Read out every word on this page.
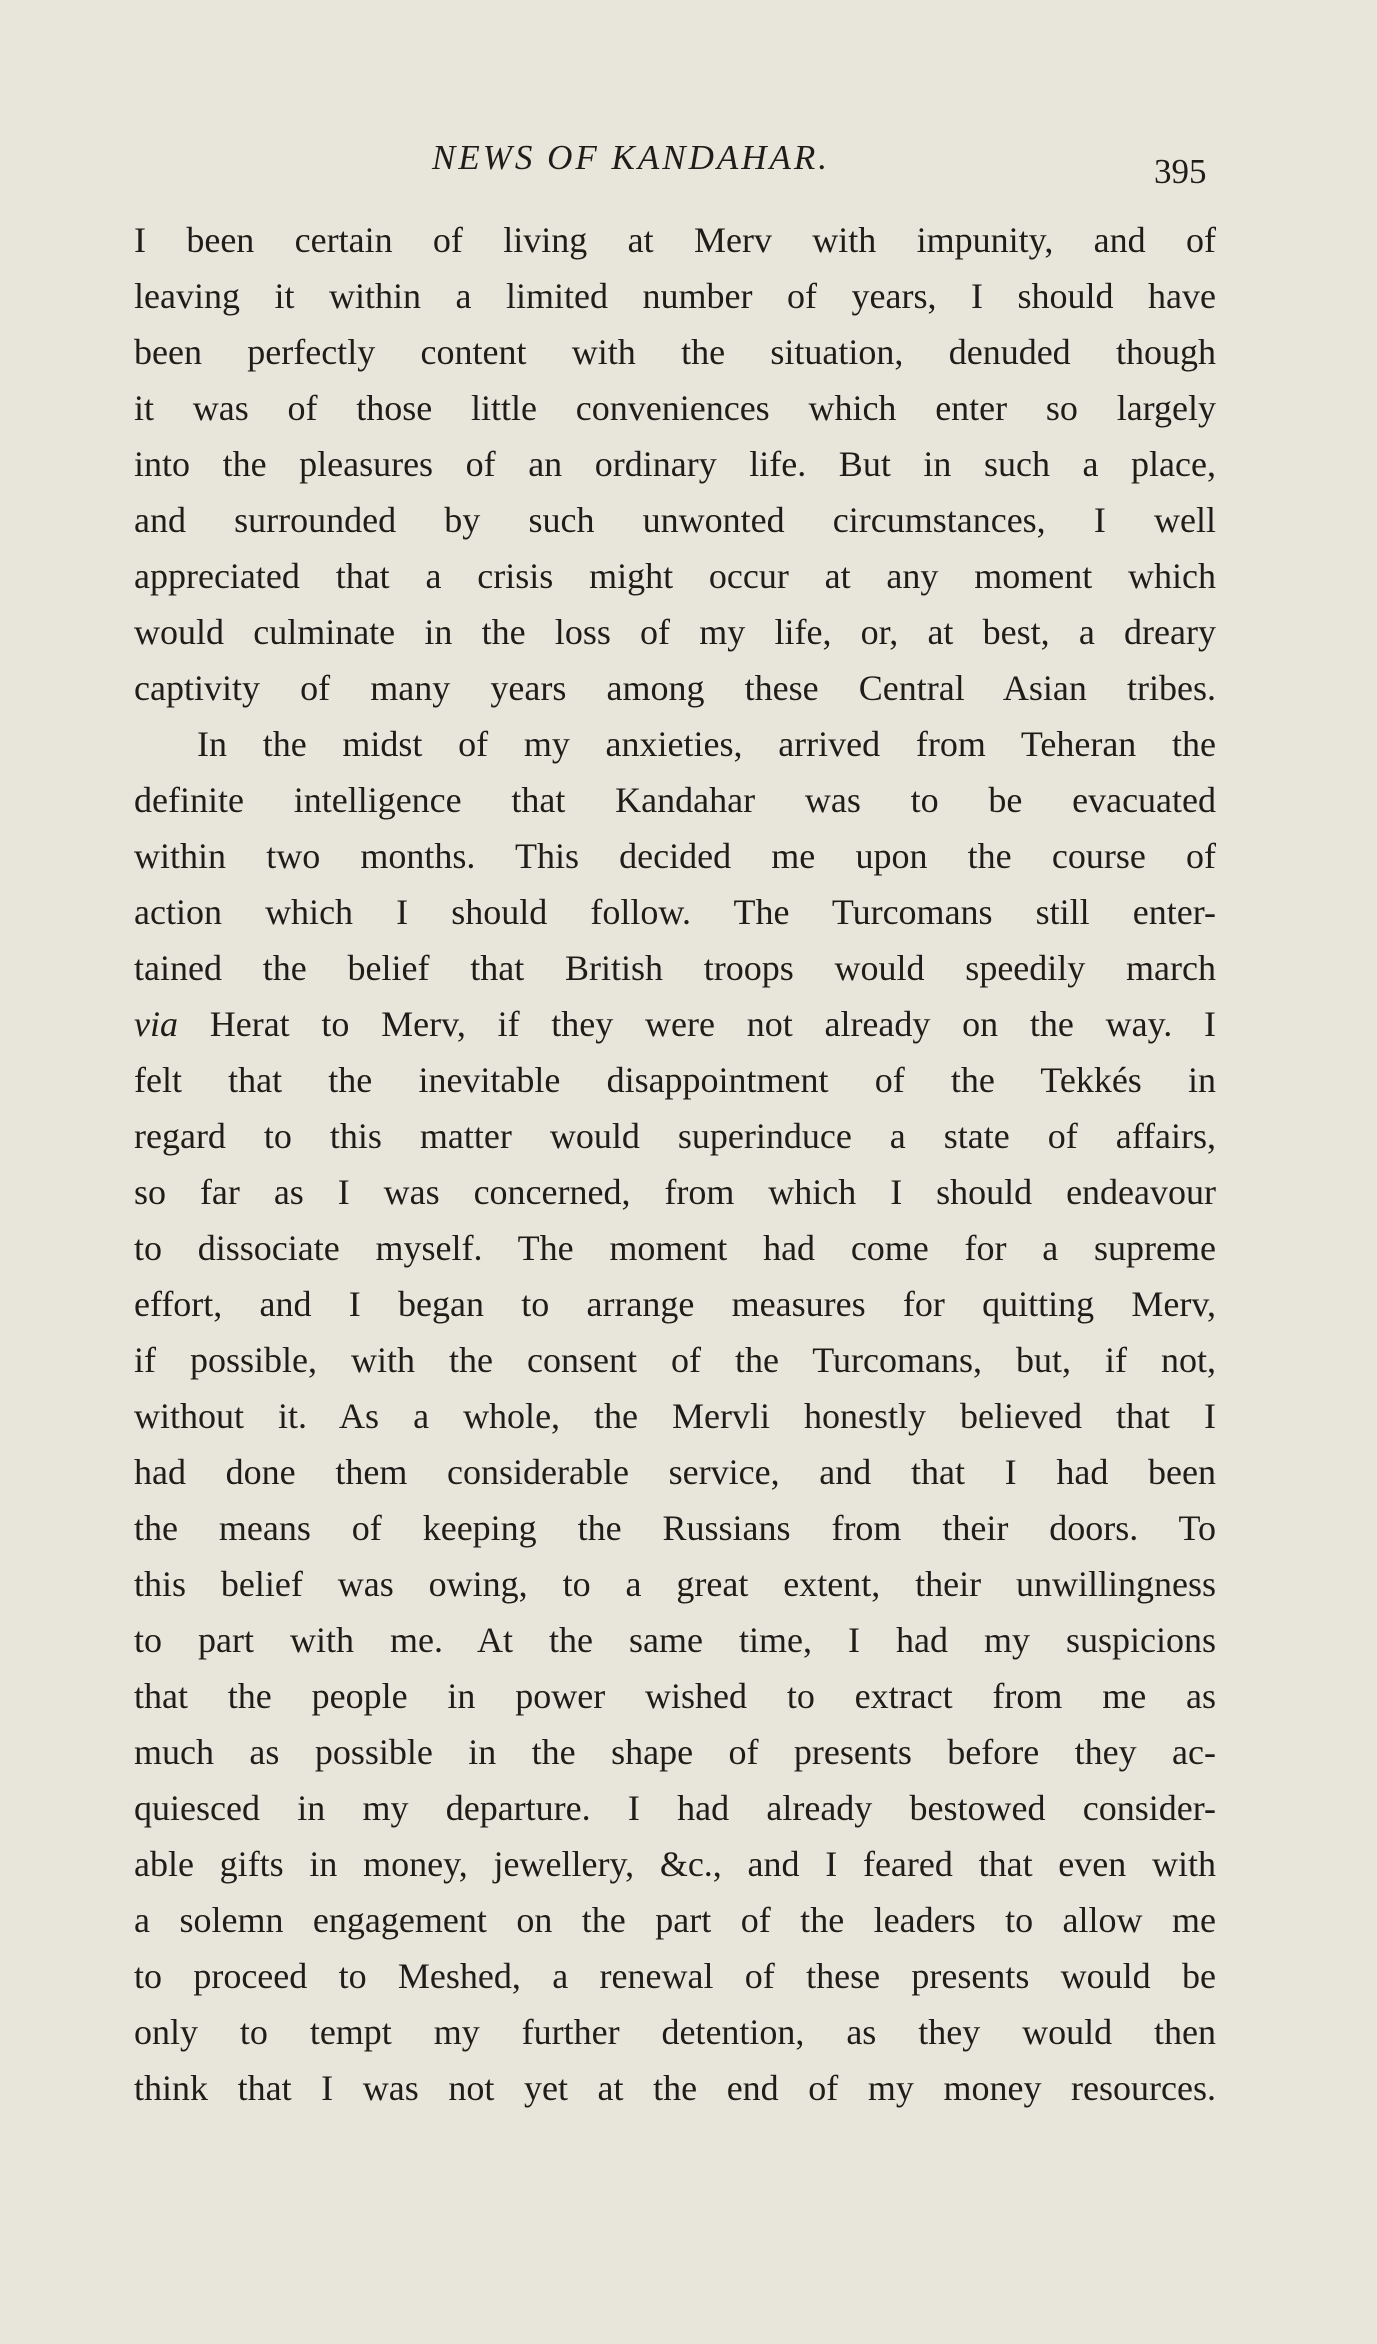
NEWS OF KANDAHAR.	395
I been certain of living at Merv with impunity, and of
leaving it within a limited number of years, I should have
been perfectly content with the situation, denuded though
it was of those little conveniences which enter so largely
into the pleasures of an ordinary life. But in such a place,
and surrounded by such unwonted circumstances, I well
appreciated that a crisis might occur at any moment which
would culminate in the loss of my life, or, at best, a dreary
captivity of many years among these Central Asian tribes.
In the midst of my anxieties, arrived from Teheran the
definite intelligence that Kandahar was to be evacuated
within two months. This decided me upon the course of
action which I should follow. The Turcomans still enter-
tained the belief that British troops would speedily march
via Herat to Merv, if they were not already on the way. I
felt that the inevitable disappointment of the Tekkés in
regard to this matter would superinduce a state of affairs,
so far as I was concerned, from which I should endeavour
to dissociate myself. The moment had come for a supreme
effort, and I began to arrange measures for quitting Merv,
if possible, with the consent of the Turcomans, but, if not,
without it. As a whole, the Mervli honestly believed that I
had done them considerable service, and that I had been
the means of keeping the Russians from their doors. To
this belief was owing, to a great extent, their unwillingness
to part with me. At the same time, I had my suspicions
that the people in power wished to extract from me as
much as possible in the shape of presents before they ac-
quiesced in my departure. I had already bestowed consider-
able gifts in money, jewellery, &c., and I feared that even with
a solemn engagement on the part of the leaders to allow me
to proceed to Meshed, a renewal of these presents would be
only to tempt my further detention, as they would then
think that I was not yet at the end of my money resources.
